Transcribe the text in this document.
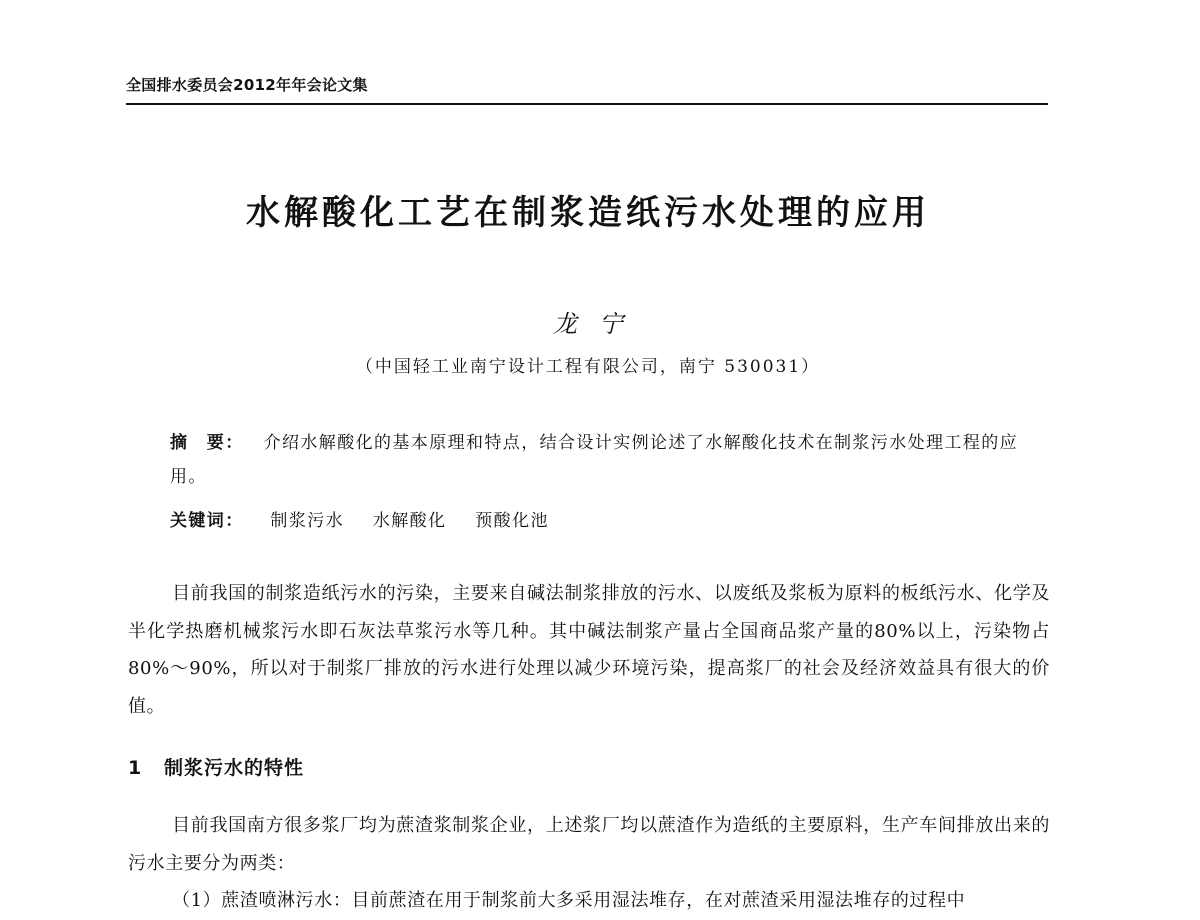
全国排水委员会2012年年会论文集
水解酸化工艺在制浆造纸污水处理的应用
龙宁
（中国轻工业南宁设计工程有限公司，南宁 530031）
摘　要： 介绍水解酸化的基本原理和特点，结合设计实例论述了水解酸化技术在制浆污水处理工程的应用。
关键词： 制浆污水 水解酸化 预酸化池
目前我国的制浆造纸污水的污染，主要来自碱法制浆排放的污水、以废纸及浆板为原料的板纸污水、化学及半化学热磨机械浆污水即石灰法草浆污水等几种。其中碱法制浆产量占全国商品浆产量的80%以上，污染物占80%～90%，所以对于制浆厂排放的污水进行处理以减少环境污染，提高浆厂的社会及经济效益具有很大的价值。
1 制浆污水的特性
目前我国南方很多浆厂均为蔗渣浆制浆企业，上述浆厂均以蔗渣作为造纸的主要原料，生产车间排放出来的污水主要分为两类：
（1）蔗渣喷淋污水：目前蔗渣在用于制浆前大多采用湿法堆存，在对蔗渣采用湿法堆存的过程中
